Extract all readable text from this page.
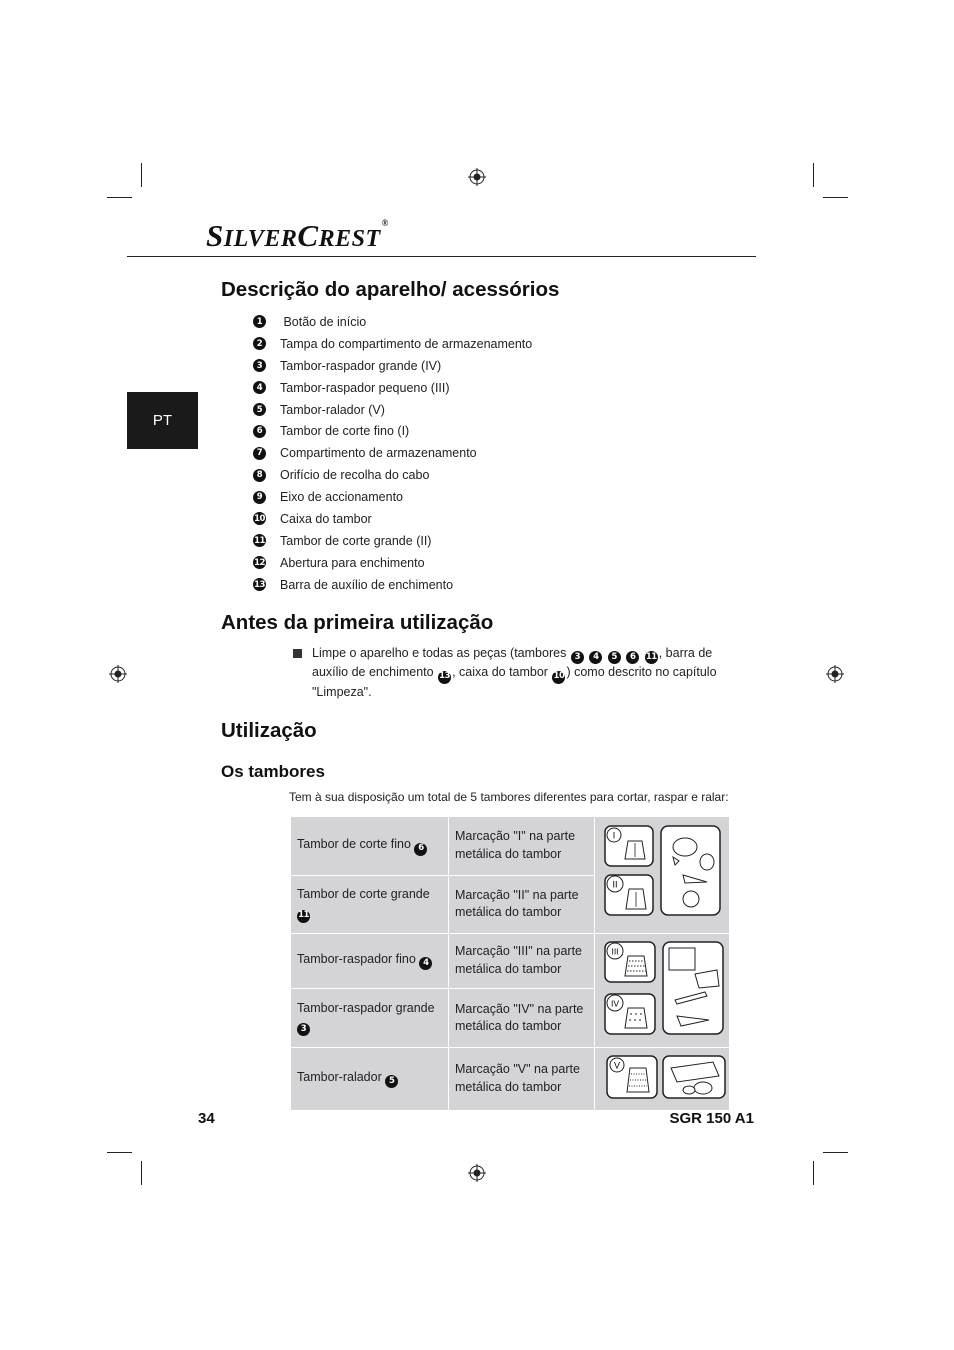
SILVERCREST®
PT
Descrição do aparelho/ acessórios
1	Botão de início
2	Tampa do compartimento de armazenamento
3	Tambor-raspador grande (IV)
4	Tambor-raspador pequeno (III)
5	Tambor-ralador (V)
6	Tambor de corte fino (I)
7	Compartimento de armazenamento
8	Orifício de recolha do cabo
9	Eixo de accionamento
10 Caixa do tambor
11 Tambor de corte grande (II)
12 Abertura para enchimento
13 Barra de auxílio de enchimento
Antes da primeira utilização
Limpe o aparelho e todas as peças (tambores 3 4 5 6 11 , barra de auxílio de enchimento 13 , caixa do tambor 10 ) como descrito no capítulo "Limpeza".
Utilização
Os tambores
Tem à sua disposição um total de 5 tambores diferentes para cortar, raspar e ralar:
Tambor de corte fino 6	Marcação "I" na parte metálica do tambor	I
II

Tambor de corte grande 11	Marcação "II" na parte metálica do tambor	
Tambor-raspador fino 4	Marcação "III" na parte metálica do tambor	III
IV

Tambor-raspador grande 3	Marcação "IV" na parte metálica do tambor	
Tambor-ralador 5	Marcação "V" na parte metálica do tambor	V
34	SGR 150 A1
